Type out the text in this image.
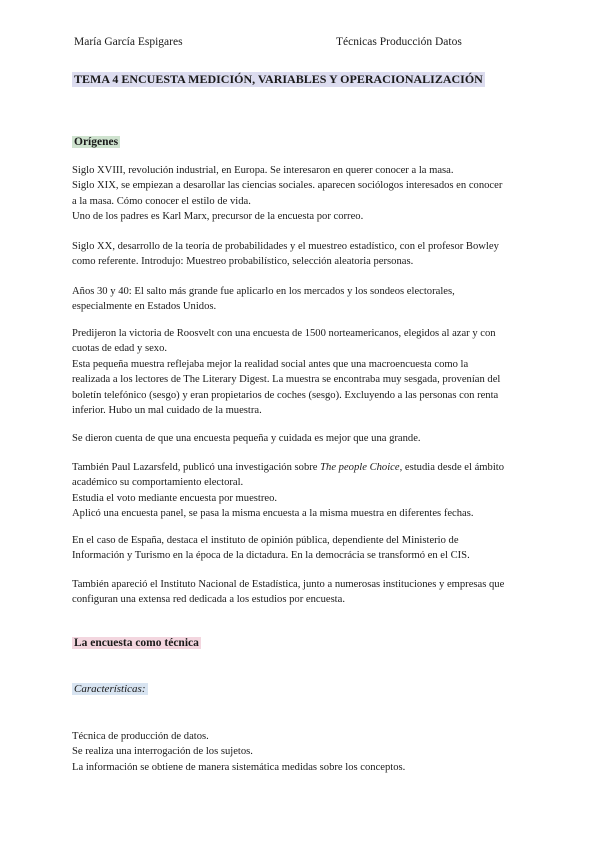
María García Espigares	Técnicas Producción Datos
TEMA 4 ENCUESTA MEDICIÓN, VARIABLES Y OPERACIONALIZACIÓN
Orígenes

Siglo XVIII, revolución industrial, en Europa. Se interesaron en querer conocer a la masa.
Siglo XIX, se empiezan a desarollar las ciencias sociales. aparecen sociólogos interesados en conocer
a la masa. Cómo conocer el estilo de vida.
Uno de los padres es Karl Marx, precursor de la encuesta por correo.

Siglo XX, desarrollo de la teoría de probabilidades y el muestreo estadístico, con el profesor Bowley
como referente. Introdujo: Muestreo probabilístico, selección aleatoria personas.

Años 30 y 40: El salto más grande fue aplicarlo en los mercados y los sondeos electorales,
especialmente en Estados Unidos.

Predijeron la victoria de Roosvelt con una encuesta de 1500 norteamericanos, elegidos al azar y con
cuotas de edad y sexo.
Esta pequeña muestra reflejaba mejor la realidad social antes que una macroencuesta como la
realizada a los lectores de The Literary Digest. La muestra se encontraba muy sesgada, provenían del
boletín telefónico (sesgo) y eran propietarios de coches (sesgo). Excluyendo a las personas con renta
inferior. Hubo un mal cuidado de la muestra.

Se dieron cuenta de que una encuesta pequeña y cuidada es mejor que una grande.

También Paul Lazarsfeld, publicó una investigación sobre The people Choice, estudia desde el ámbito
académico su comportamiento electoral.
Estudia el voto mediante encuesta por muestreo.
Aplicó una encuesta panel, se pasa la misma encuesta a la misma muestra en diferentes fechas.

En el caso de España, destaca el instituto de opinión pública, dependiente del Ministerio de
Información y Turismo en la época de la dictadura. En la democrácia se transformó en el CIS.

También apareció el Instituto Nacional de Estadística, junto a numerosas instituciones y empresas que
configuran una extensa red dedicada a los estudios por encuesta.

La encuesta como técnica
Características:

Técnica de producción de datos.
Se realiza una interrogación de los sujetos.
La información se obtiene de manera sistemática medidas sobre los conceptos.
